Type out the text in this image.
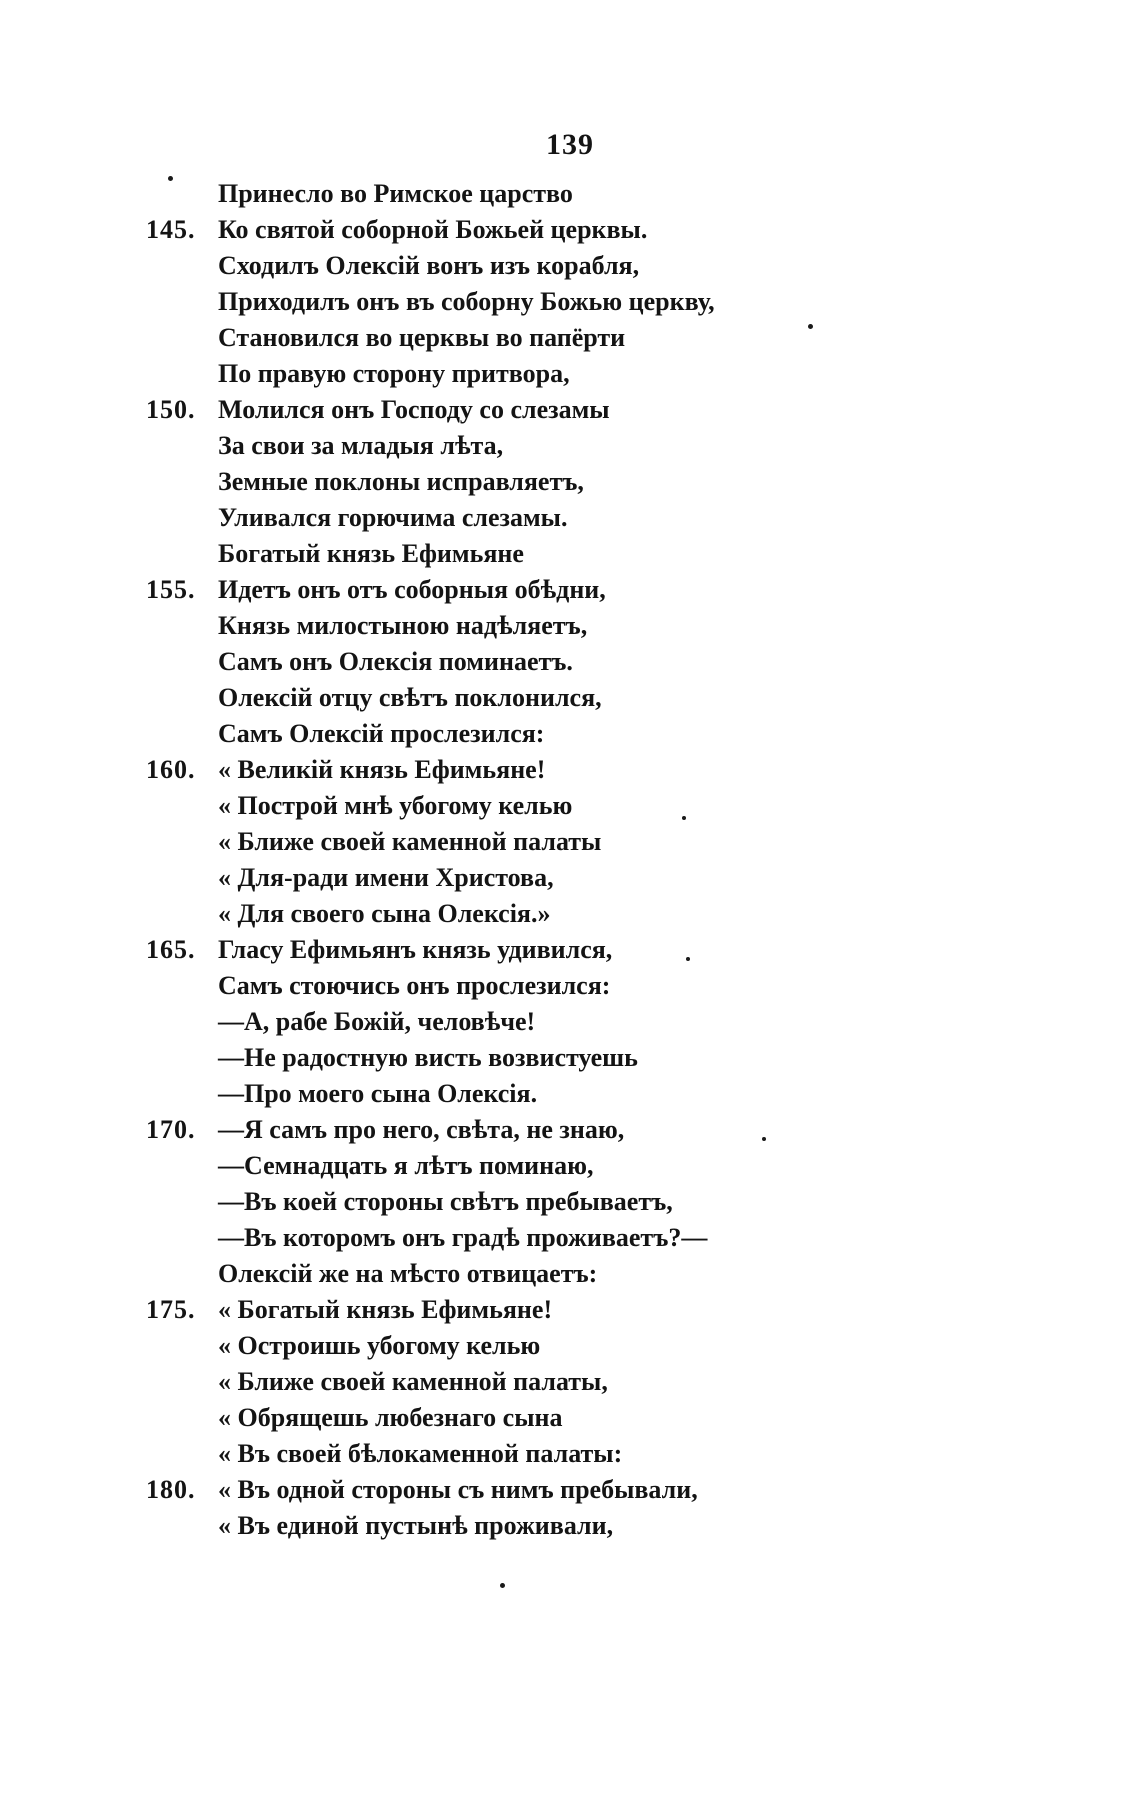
139
Принесло во Римское царство
145. Ко святой соборной Божьей церквы.
Сходилъ Олексій вонъ изъ корабля,
Приходилъ онъ въ соборну Божью церкву,
Становился во церквы во папёрти
По правую сторону притвора,
150. Молился онъ Господу со слезамы
За свои за младыя лѣта,
Земные поклоны исправляетъ,
Уливался горючима слезамы.
Богатый князь Ефимьяне
155. Идетъ онъ отъ соборныя обѣдни,
Князь милостыною надѣляетъ,
Самъ онъ Олексія поминаетъ.
Олексій отцу свѣтъ поклонился,
Самъ Олексій прослезился:
160. « Великій князь Ефимьяне!
« Построй мнѣ убогому келью
« Ближе своей каменной палаты
« Для-ради имени Христова,
« Для своего сына Олексія.»
165. Гласу Ефимьянъ князь удивился,
Самъ стоючись онъ прослезился:
—А, рабе Божій, человѣче!
—Не радостную висть возвистуешь
—Про моего сына Олексія.
170. —Я самъ про него, свѣта, не знаю,
—Семнадцать я лѣтъ поминаю,
—Въ коей стороны свѣтъ пребываетъ,
—Въ которомъ онъ градѣ проживаетъ?—
Олексій же на мѣсто отвицаетъ:
175. « Богатый князь Ефимьяне!
« Остроишь убогому келью
« Ближе своей каменной палаты,
« Обрящешь любезнаго сына
« Въ своей бѣлокаменной палаты:
180. « Въ одной стороны съ нимъ пребывали,
« Въ единой пустынѣ проживали,
